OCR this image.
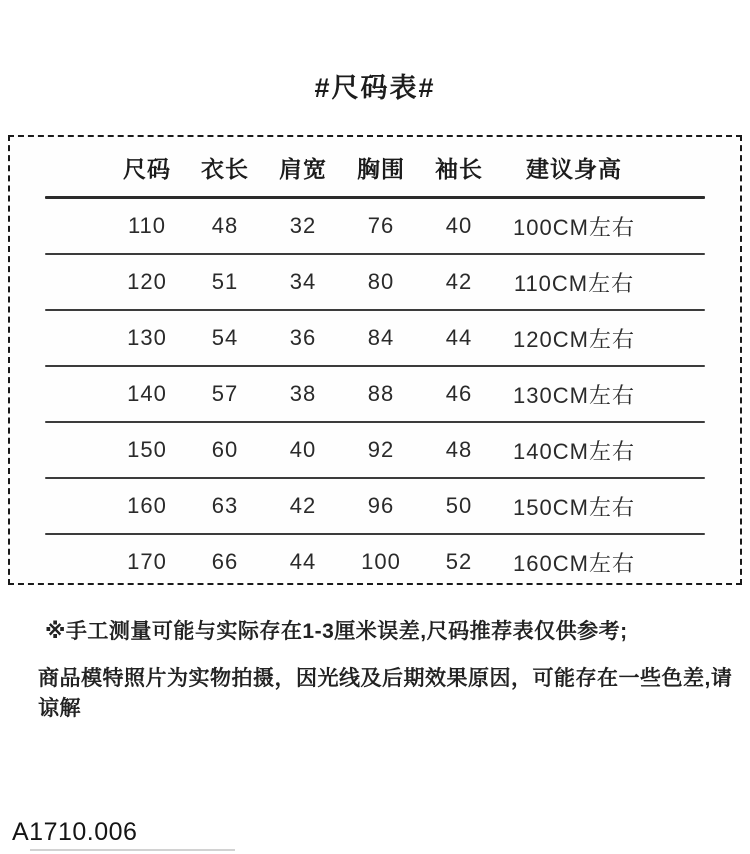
#尺码表#
尺码	衣长	肩宽	胸围	袖长	建议身高
110	48	32	76	40	100CM左右
120	51	34	80	42	110CM左右
130	54	36	84	44	120CM左右
140	57	38	88	46	130CM左右
150	60	40	92	48	140CM左右
160	63	42	96	50	150CM左右
170	66	44	100	52	160CM左右
※手工测量可能与实际存在1-3厘米误差,尺码推荐表仅供参考;
商品模特照片为实物拍摄，因光线及后期效果原因，可能存在一些色差,请谅解
A1710.006
